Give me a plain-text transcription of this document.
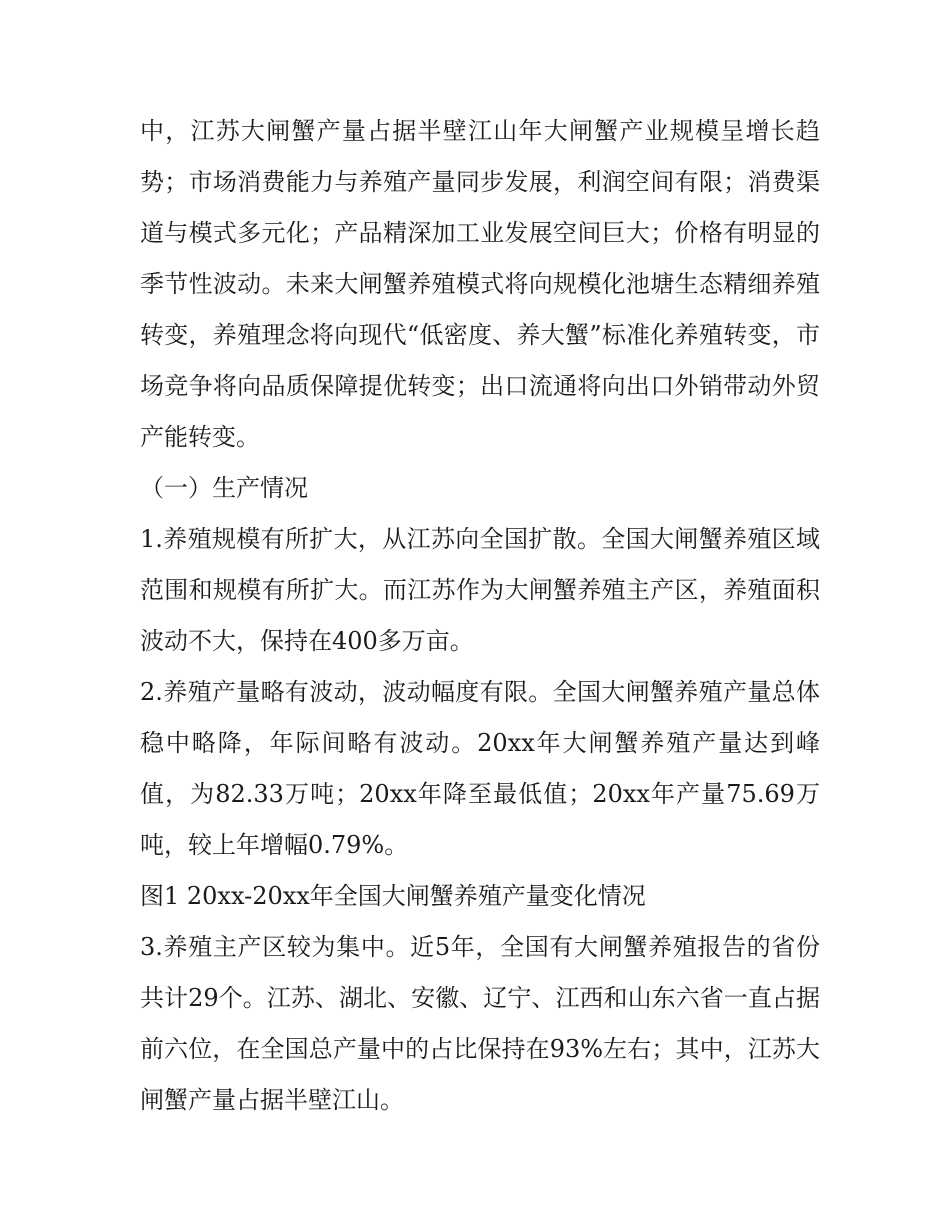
中，江苏大闸蟹产量占据半壁江山年大闸蟹产业规模呈增长趋势；市场消费能力与养殖产量同步发展，利润空间有限；消费渠道与模式多元化；产品精深加工业发展空间巨大；价格有明显的季节性波动。未来大闸蟹养殖模式将向规模化池塘生态精细养殖转变，养殖理念将向现代“低密度、养大蟹”标准化养殖转变，市场竞争将向品质保障提优转变；出口流通将向出口外销带动外贸产能转变。

（一）生产情况

1.养殖规模有所扩大，从江苏向全国扩散。全国大闸蟹养殖区域范围和规模有所扩大。而江苏作为大闸蟹养殖主产区，养殖面积波动不大，保持在400多万亩。

2.养殖产量略有波动，波动幅度有限。全国大闸蟹养殖产量总体稳中略降，年际间略有波动。20xx年大闸蟹养殖产量达到峰值，为82.33万吨；20xx年降至最低值；20xx年产量75.69万吨，较上年增幅0.79%。

图1 20xx-20xx年全国大闸蟹养殖产量变化情况

3.养殖主产区较为集中。近5年，全国有大闸蟹养殖报告的省份共计29个。江苏、湖北、安徽、辽宁、江西和山东六省一直占据前六位，在全国总产量中的占比保持在93%左右；其中，江苏大闸蟹产量占据半壁江山。
